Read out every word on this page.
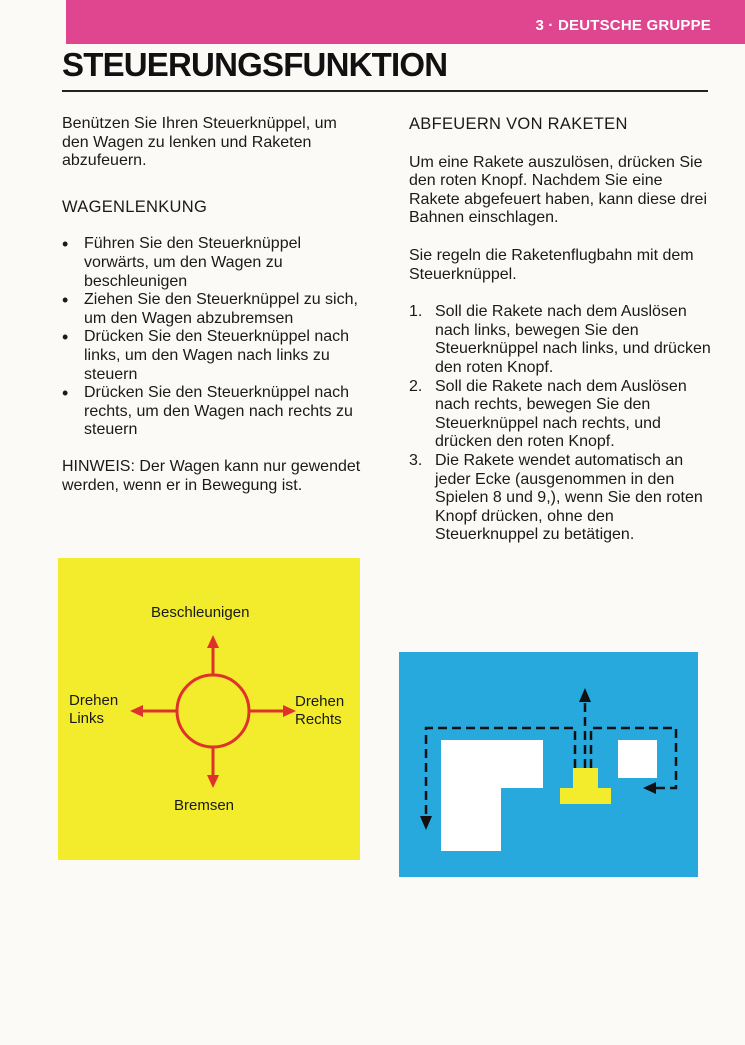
3 · DEUTSCHE GRUPPE
STEUERUNGSFUNKTION

Benützen Sie Ihren Steuerknüppel, um den Wagen zu lenken und Raketen abzufeuern.

WAGENLENKUNG
• Führen Sie den Steuerknüppel vorwärts, um den Wagen zu beschleunigen
• Ziehen Sie den Steuerknüppel zu sich, um den Wagen abzubremsen
• Drücken Sie den Steuerknüppel nach links, um den Wagen nach links zu steuern
• Drücken Sie den Steuerknüppel nach rechts, um den Wagen nach rechts zu steuern

HINWEIS: Der Wagen kann nur gewendet werden, wenn er in Bewegung ist.

ABFEUERN VON RAKETEN

Um eine Rakete auszulösen, drücken Sie den roten Knopf. Nachdem Sie eine Rakete abgefeuert haben, kann diese drei Bahnen einschlagen.

Sie regeln die Raketenflugbahn mit dem Steuerknüppel.

1. Soll die Rakete nach dem Auslösen nach links, bewegen Sie den Steuerknüppel nach links, und drücken den roten Knopf.
2. Soll die Rakete nach dem Auslösen nach rechts, bewegen Sie den Steuerknüppel nach rechts, und drücken den roten Knopf.
3. Die Rakete wendet automatisch an jeder Ecke (ausgenommen in den Spielen 8 und 9,), wenn Sie den roten Knopf drücken, ohne den Steuerknuppel zu betätigen.
Beschleunigen
Drehen
Links
Drehen
Rechts
Bremsen
